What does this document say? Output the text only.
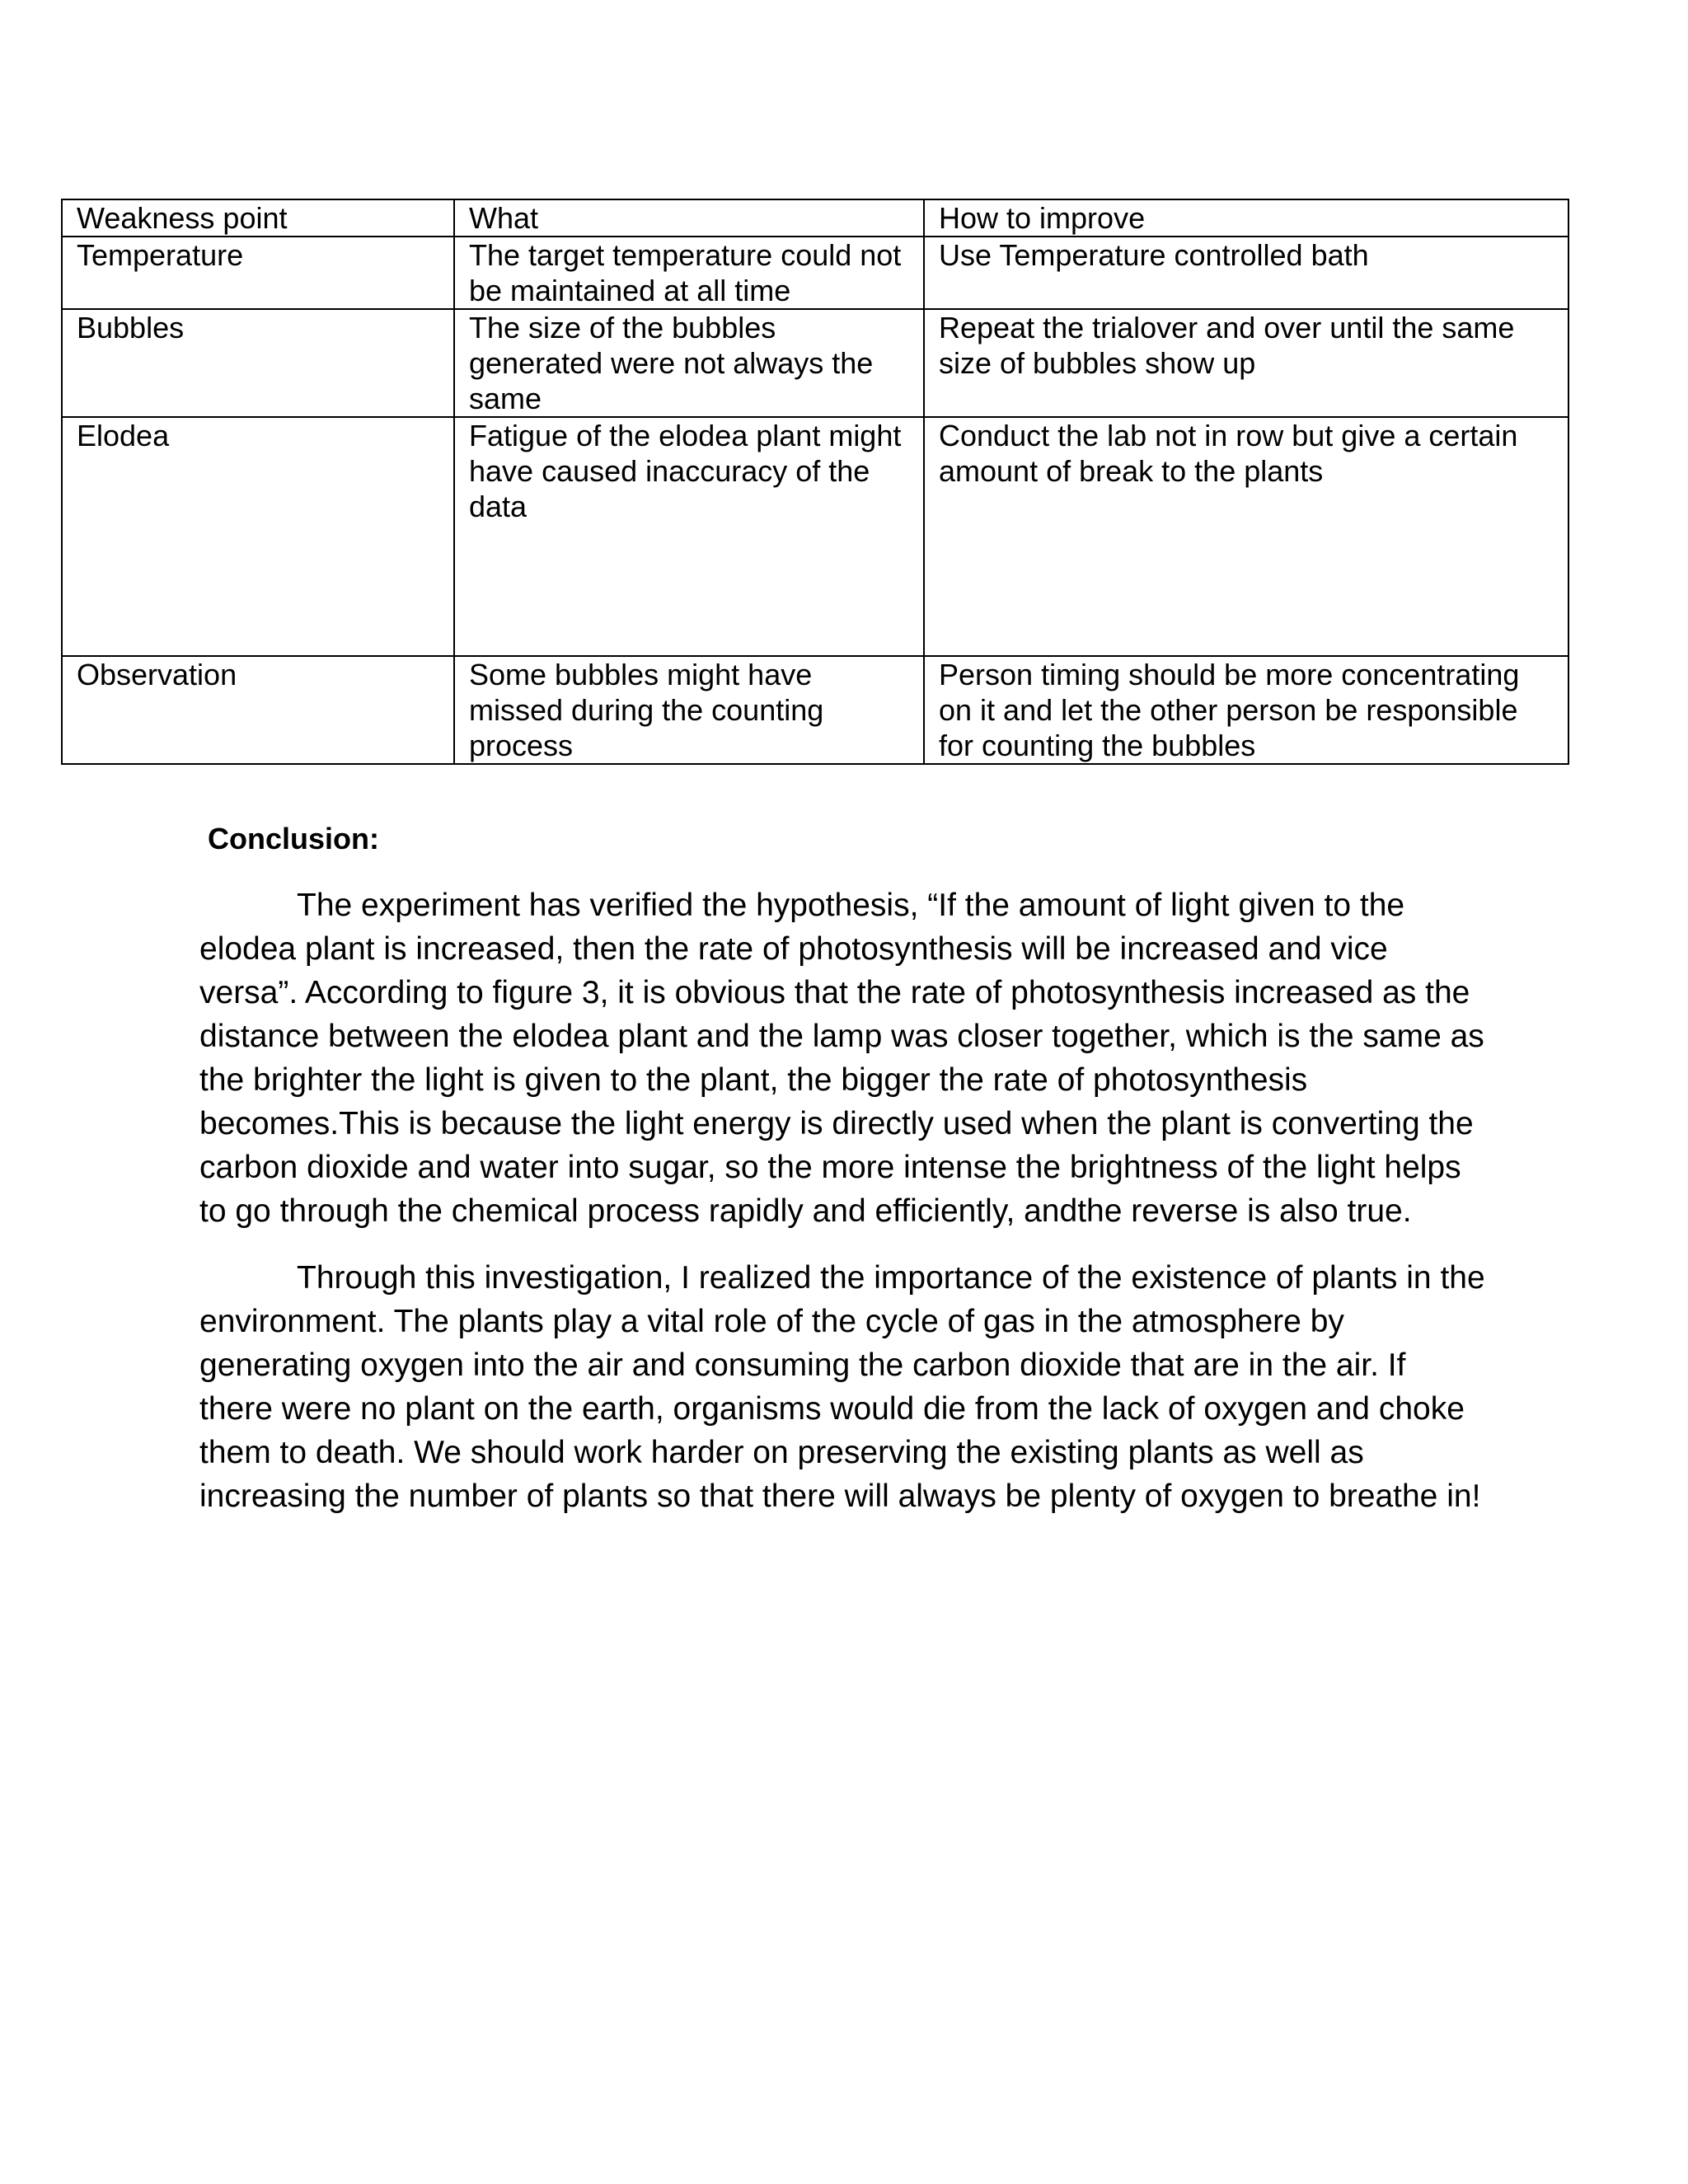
Weakness point	What	How to improve
Temperature	The target temperature could not be maintained at all time	Use Temperature controlled bath
Bubbles	The size of the bubbles generated were not always the same	Repeat the trialover and over until the same size of bubbles show up
Elodea	Fatigue of the elodea plant might have caused inaccuracy of the data	Conduct the lab not in row but give a certain amount of break to the plants
Observation	Some bubbles might have missed during the counting process	Person timing should be more concentrating on it and let the other person be responsible for counting the bubbles
Conclusion:

The experiment has verified the hypothesis, “If the amount of light given to the elodea plant is increased, then the rate of photosynthesis will be increased and vice versa”. According to figure 3, it is obvious that the rate of photosynthesis increased as the distance between the elodea plant and the lamp was closer together, which is the same as the brighter the light is given to the plant, the bigger the rate of photosynthesis becomes.This is because the light energy is directly used when the plant is converting the carbon dioxide and water into sugar, so the more intense the brightness of the light helps to go through the chemical process rapidly and efficiently, andthe reverse is also true.

Through this investigation, I realized the importance of the existence of plants in the environment. The plants play a vital role of the cycle of gas in the atmosphere by generating oxygen into the air and consuming the carbon dioxide that are in the air. If there were no plant on the earth, organisms would die from the lack of oxygen and choke them to death. We should work harder on preserving the existing plants as well as increasing the number of plants so that there will always be plenty of oxygen to breathe in!
